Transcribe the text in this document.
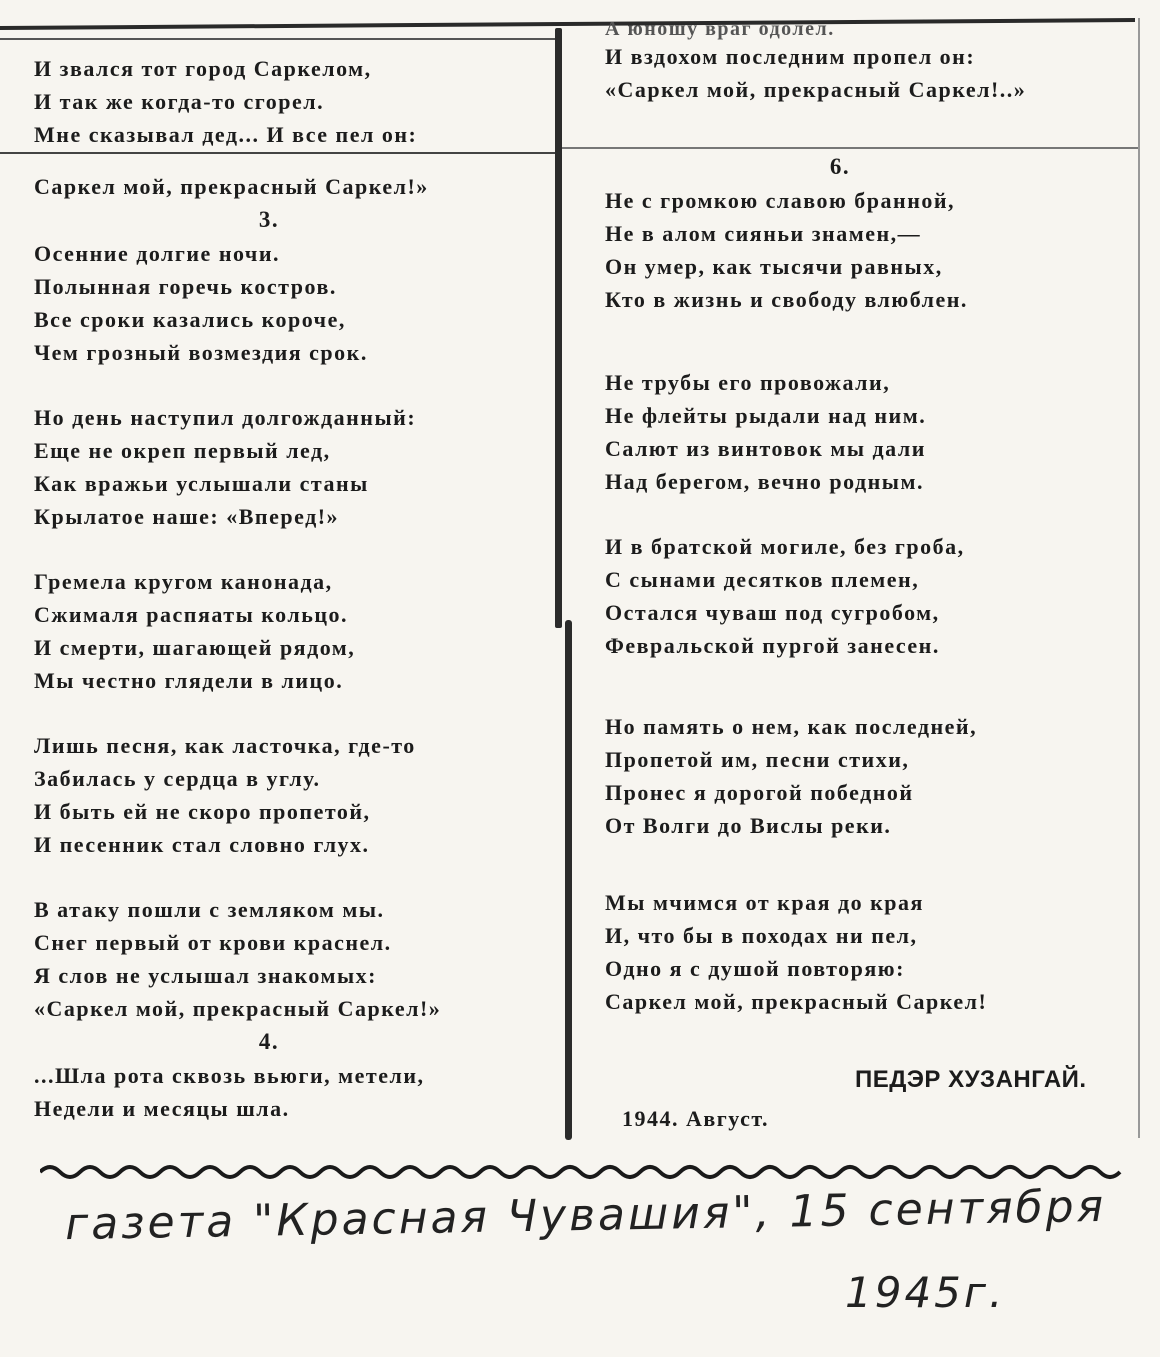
И звался тот город Саркелом,
И так же когда-то сгорел.
Мне сказывал дед... И все пел он:
Саркел мой, прекрасный Саркел!»
3.
Осенние долгие ночи.
Полынная горечь костров.
Все сроки казались короче,
Чем грозный возмездия срок.
Но день наступил долгожданный:
Еще не окреп первый лед,
Как вражьи услышали станы
Крылатое наше: «Вперед!»
Гремела кругом канонада,
Сжималя распяаты кольцо.
И смерти, шагающей рядом,
Мы честно глядели в лицо.
Лишь песня, как ласточка, где-то
Забилась у сердца в углу.
И быть ей не скоро пропетой,
И песенник стал словно глух.
В атаку пошли с земляком мы.
Снег первый от крови краснел.
Я слов не услышал знакомых:
«Саркел мой, прекрасный Саркел!»
4.
...Шла рота сквозь вьюги, метели,
Недели и месяцы шла.
А юношу враг одолел.
И вздохом последним пропел он:
«Саркел мой, прекрасный Саркел!..»
6.
Не с громкою славою бранной,
Не в алом сияньи знамен,—
Он умер, как тысячи равных,
Кто в жизнь и свободу влюблен.
Не трубы его провожали,
Не флейты рыдали над ним.
Салют из винтовок мы дали
Над берегом, вечно родным.
И в братской могиле, без гроба,
С сынами десятков племен,
Остался чуваш под сугробом,
Февральской пургой занесен.
Но память о нем, как последней,
Пропетой им, песни стихи,
Пронес я дорогой победной
От Волги до Вислы реки.
Мы мчимся от края до края
И, что бы в походах ни пел,
Одно я с душой повторяю:
Саркел мой, прекрасный Саркел!
ПЕДЭР ХУЗАНГАЙ.
1944. Август.
газета "Красная Чувашия", 15 сентября
1945г.
